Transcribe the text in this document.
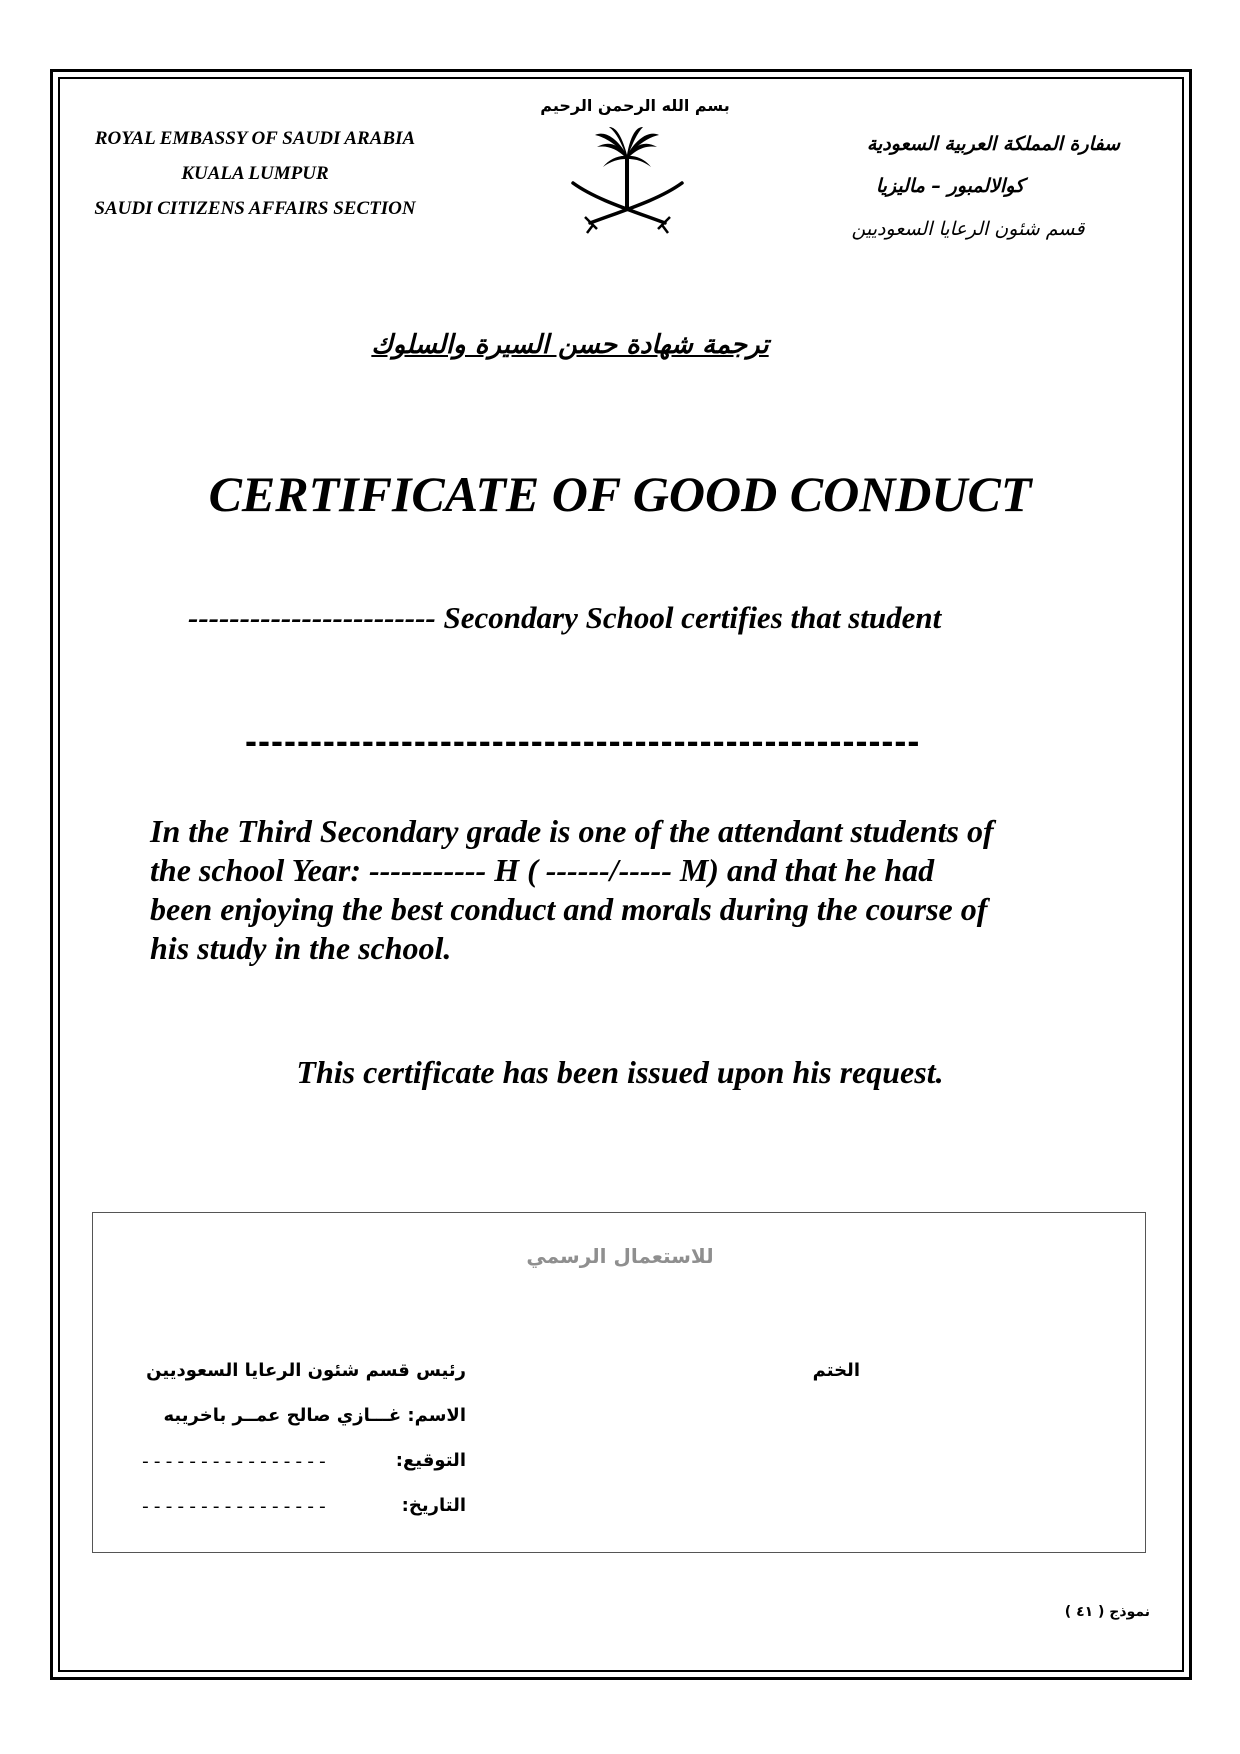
بسم الله الرحمن الرحيم
ROYAL EMBASSY OF SAUDI ARABIA
KUALA LUMPUR
SAUDI CITIZENS AFFAIRS SECTION
سفارة المملكة العربية السعودية
كوالالمبور – ماليزيا
قسم شئون الرعايا السعوديين
ترجمة شهادة حسن السيرة والسلوك
CERTIFICATE OF GOOD CONDUCT
------------------------ Secondary School certifies that student
----------------------------------------------------
In the Third Secondary grade is one of the attendant students of
the school Year: ----------- H ( ------/----- M) and that he had
been enjoying the best conduct and morals during the course of
his study in the school.
This certificate has been issued upon his request.
للاستعمال الرسمي
الختم
رئيس قسم شئون الرعايا السعوديين
الاسم: غـــازي صالح عمــر باخريبه
التوقيع:
----------------
التاريخ:
----------------
نموذج ( ٤١ )
